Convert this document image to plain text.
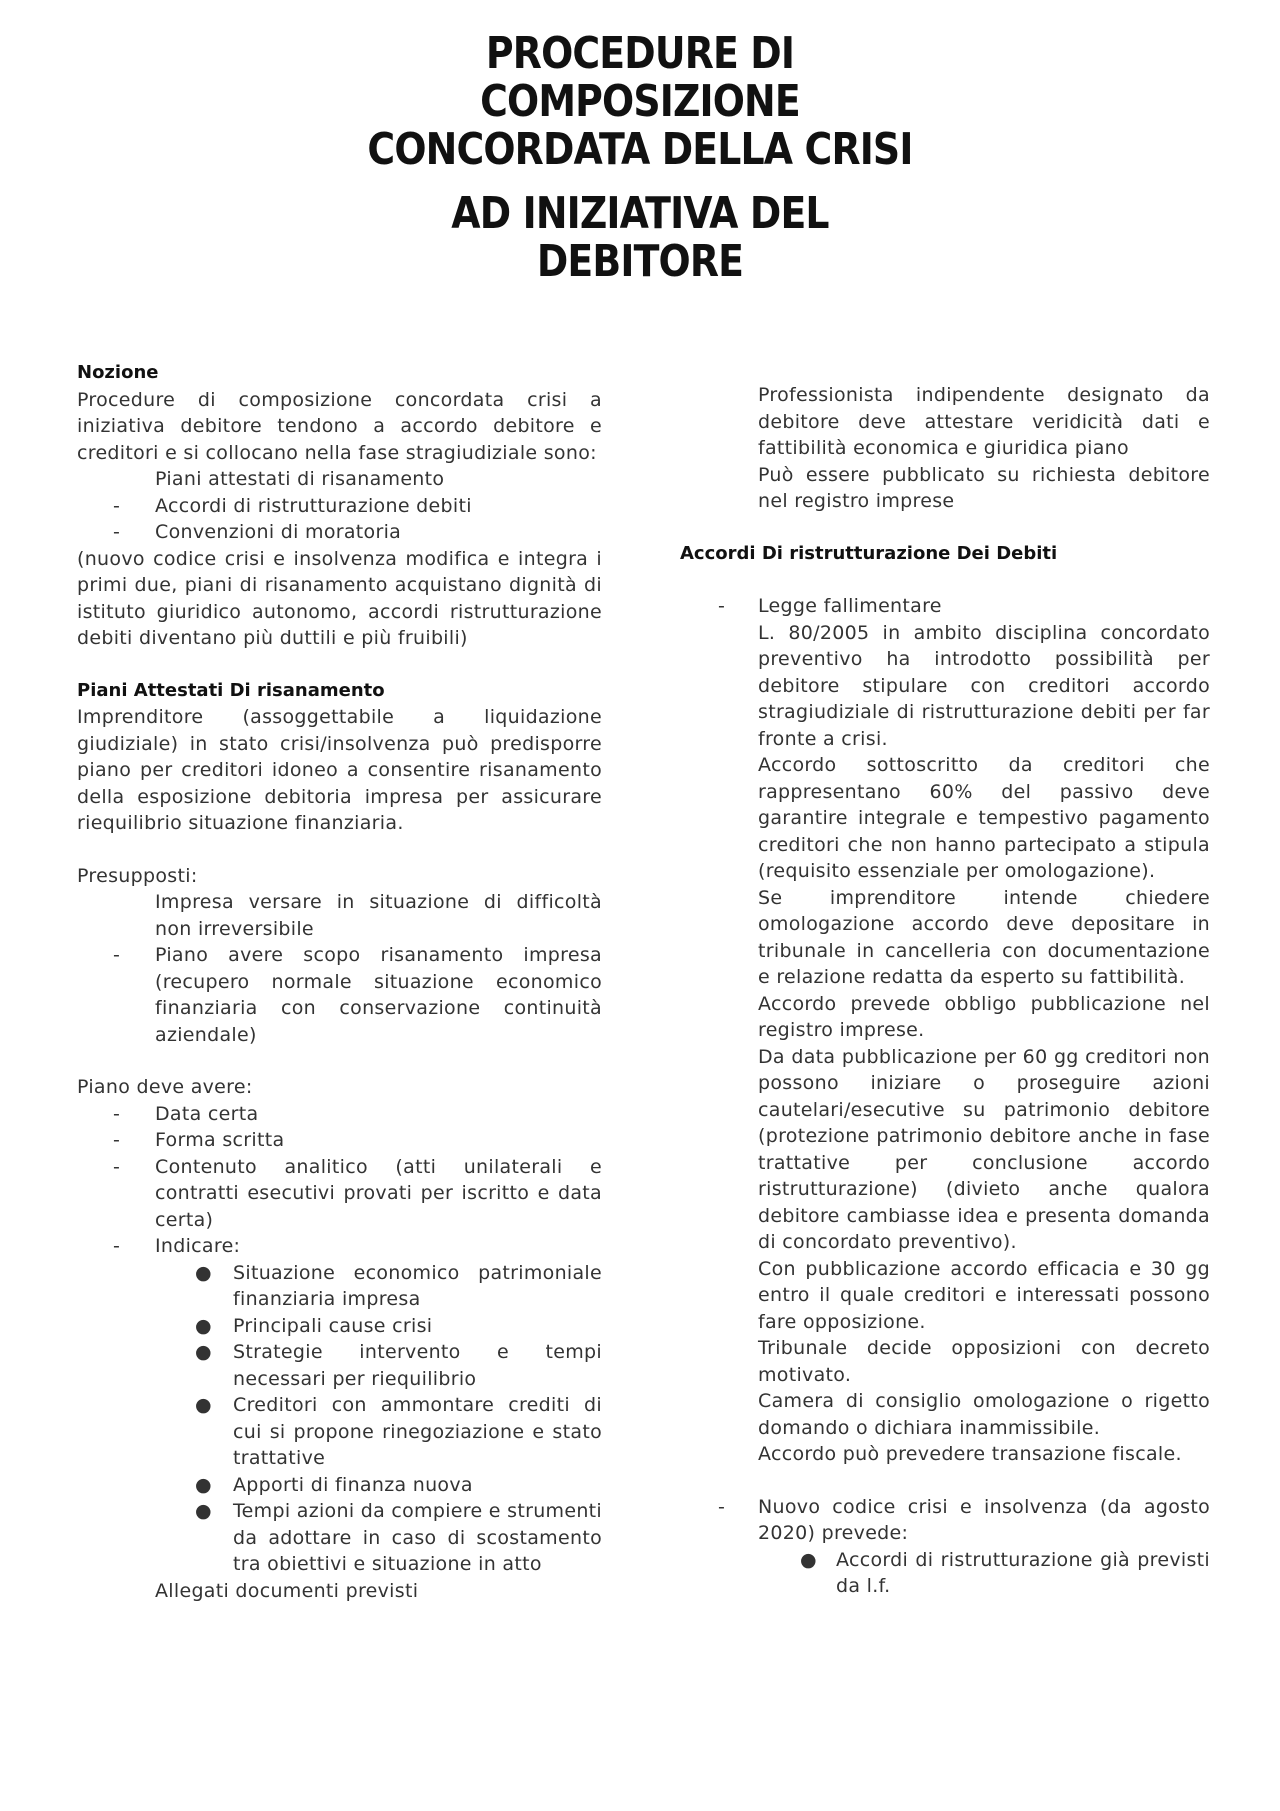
PROCEDURE DI
COMPOSIZIONE
CONCORDATA DELLA CRISI
AD INIZIATIVA DEL
DEBITORE

Nozione

Procedure di composizione concordata crisi a iniziativa debitore tendono a accordo debitore e creditori e si collocano nella fase stragiudiziale sono:

Piani attestati di risanamento

- Accordi di ristrutturazione debiti

- Convenzioni di moratoria

(nuovo codice crisi e insolvenza modifica e integra i primi due, piani di risanamento acquistano dignità di istituto giuridico autonomo, accordi ristrutturazione debiti diventano più duttili e più fruibili)

Piani Attestati Di risanamento

Imprenditore (assoggettabile a liquidazione giudiziale) in stato crisi/insolvenza può predisporre piano per creditori idoneo a consentire risanamento della esposizione debitoria impresa per assicurare riequilibrio situazione finanziaria.

Presupposti:

Impresa versare in situazione di difficoltà non irreversibile

- Piano avere scopo risanamento impresa (recupero normale situazione economico finanziaria con conservazione continuità aziendale)

Piano deve avere:

- Data certa

- Forma scritta

- Contenuto analitico (atti unilaterali e contratti esecutivi provati per iscritto e data certa)

- Indicare:

● Situazione economico patrimoniale finanziaria impresa

● Principali cause crisi

● Strategie intervento e tempi necessari per riequilibrio

● Creditori con ammontare crediti di cui si propone rinegoziazione e stato trattative

● Apporti di finanza nuova

● Tempi azioni da compiere e strumenti da adottare in caso di scostamento tra obiettivi e situazione in atto

Allegati documenti previsti

Professionista indipendente designato da debitore deve attestare veridicità dati e fattibilità economica e giuridica piano

Può essere pubblicato su richiesta debitore nel registro imprese

Accordi Di ristrutturazione Dei Debiti

- Legge fallimentare

L. 80/2005 in ambito disciplina concordato preventivo ha introdotto possibilità per debitore stipulare con creditori accordo stragiudiziale di ristrutturazione debiti per far fronte a crisi.

Accordo sottoscritto da creditori che rappresentano 60% del passivo deve garantire integrale e tempestivo pagamento creditori che non hanno partecipato a stipula (requisito essenziale per omologazione).

Se imprenditore intende chiedere omologazione accordo deve depositare in tribunale in cancelleria con documentazione e relazione redatta da esperto su fattibilità.

Accordo prevede obbligo pubblicazione nel registro imprese.

Da data pubblicazione per 60 gg creditori non possono iniziare o proseguire azioni cautelari/esecutive su patrimonio debitore (protezione patrimonio debitore anche in fase trattative per conclusione accordo ristrutturazione) (divieto anche qualora debitore cambiasse idea e presenta domanda di concordato preventivo).

Con pubblicazione accordo efficacia e 30 gg entro il quale creditori e interessati possono fare opposizione.

Tribunale decide opposizioni con decreto motivato.

Camera di consiglio omologazione o rigetto domando o dichiara inammissibile.

Accordo può prevedere transazione fiscale.

- Nuovo codice crisi e insolvenza (da agosto 2020) prevede:

● Accordi di ristrutturazione già previsti da l.f.
